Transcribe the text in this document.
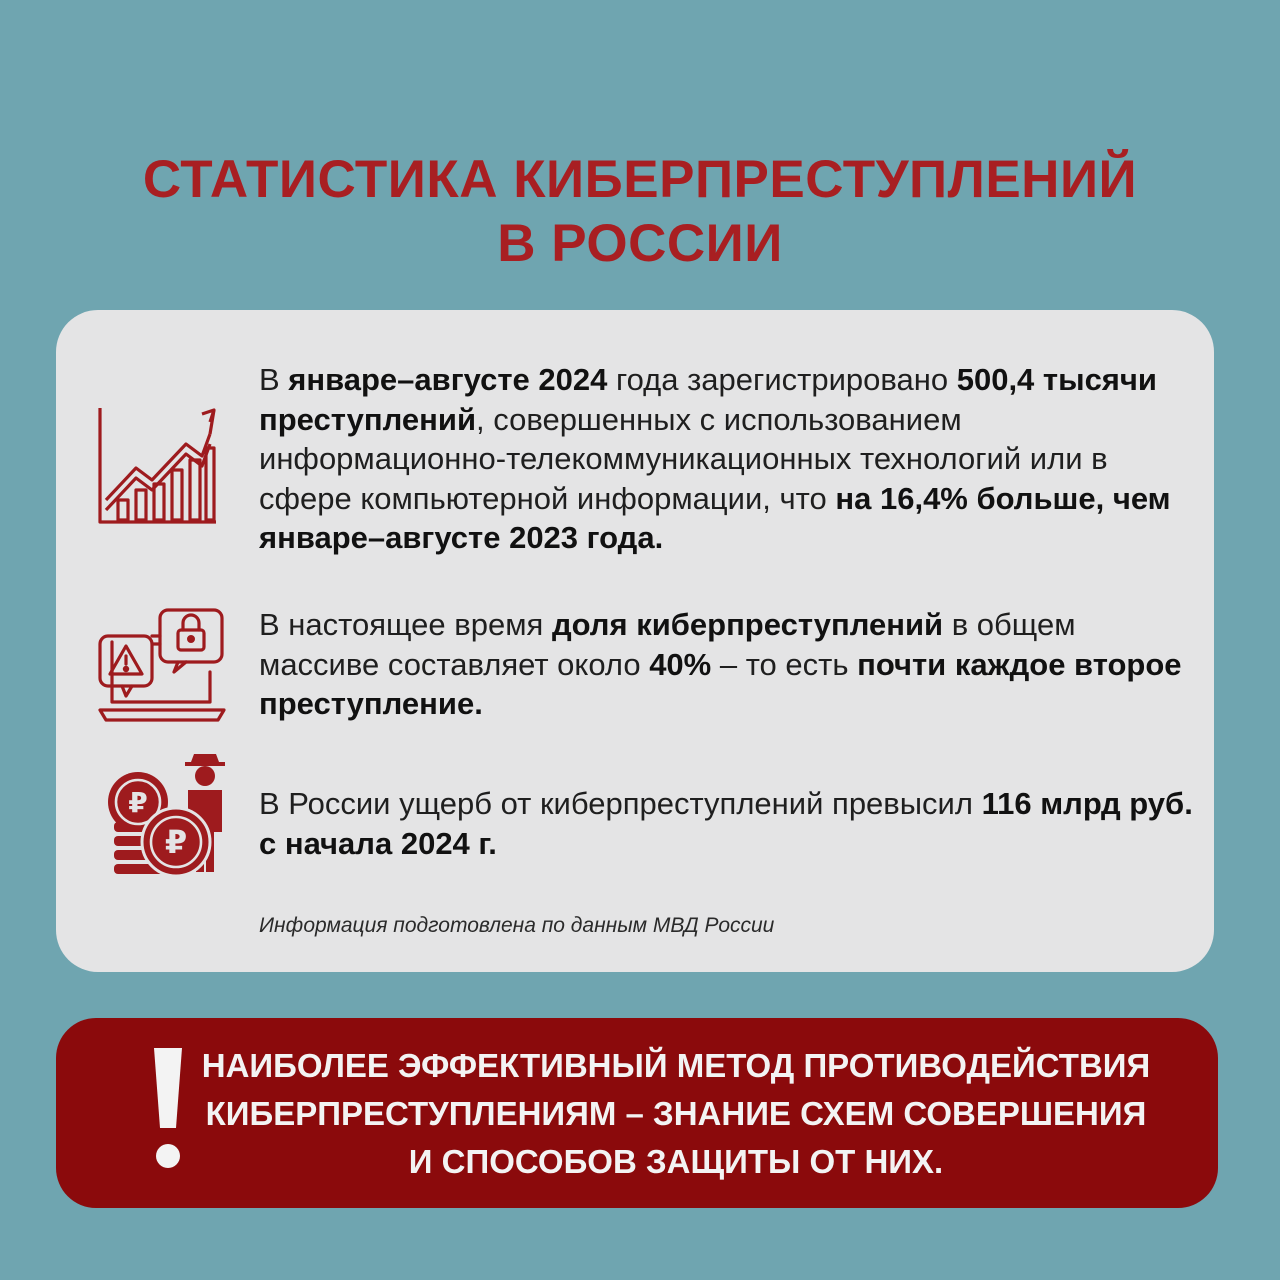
СТАТИСТИКА КИБЕРПРЕСТУПЛЕНИЙ
В РОССИИ
В январе–августе 2024 года зарегистрировано 500,4 тысячи преступлений, совершенных с использованием информационно-телекоммуникационных технологий или в сфере компьютерной информации, что на 16,4% больше, чем январе–августе 2023 года.
В настоящее время доля киберпреступлений в общем массиве составляет около 40% – то есть почти каждое второе преступление.
₽
₽
В России ущерб от киберпреступлений превысил 116 млрд руб. с начала 2024 г.
Информация подготовлена по данным МВД России
НАИБОЛЕЕ ЭФФЕКТИВНЫЙ МЕТОД ПРОТИВОДЕЙСТВИЯ
КИБЕРПРЕСТУПЛЕНИЯМ – ЗНАНИЕ СХЕМ СОВЕРШЕНИЯ
И СПОСОБОВ ЗАЩИТЫ ОТ НИХ.
